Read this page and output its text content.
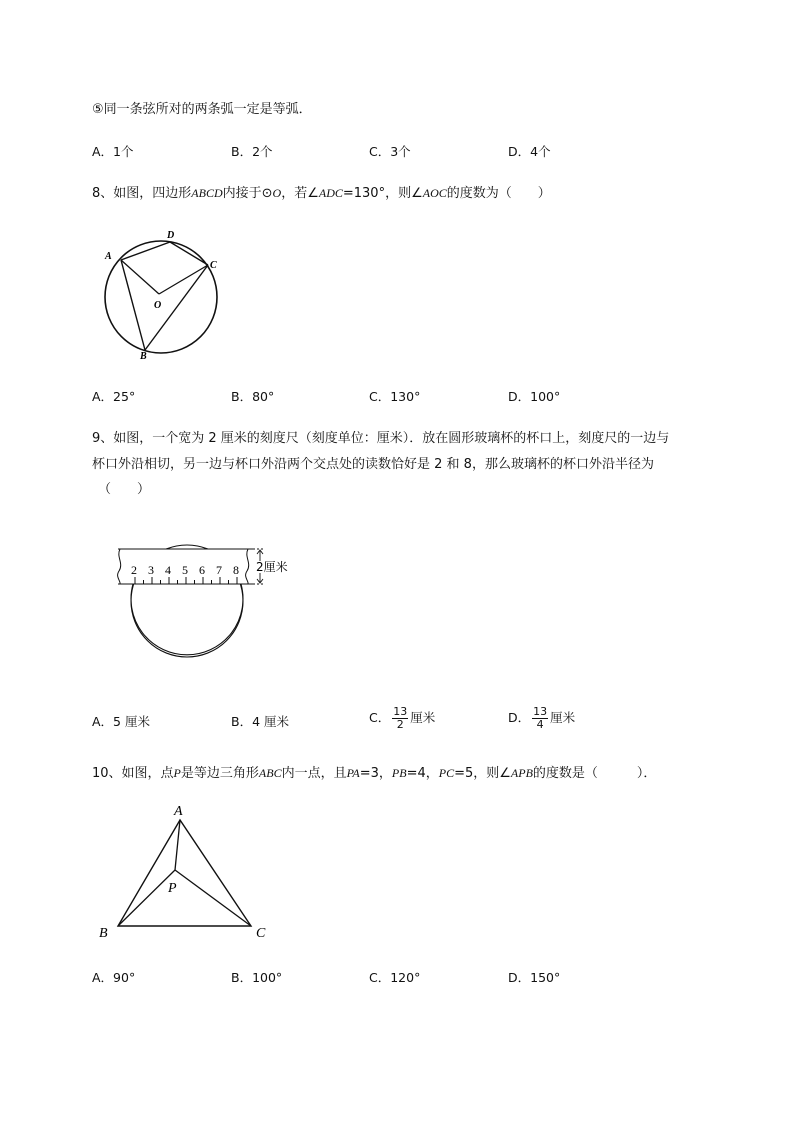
⑤同一条弦所对的两条弧一定是等弧．
A．1个	B．2个	C．3个	D．4个
8、如图，四边形ABCD内接于⊙O，若∠ADC=130°，则∠AOC的度数为（　　）
A
D
C
O
B
A．25°	B．80°	C．130°	D．100°
9、如图，一个宽为 2 厘米的刻度尺（刻度单位：厘米）．放在圆形玻璃杯的杯口上，刻度尺的一边与
杯口外沿相切，另一边与杯口外沿两个交点处的读数恰好是 2 和 8，那么玻璃杯的杯口外沿半径为
（　　）
2 3 4 5 6 7 8 2厘米
A．5 厘米	B．4 厘米	C． $\frac{13}{2}$ 厘米	D． $\frac{13}{4}$ 厘米
10、如图，点P是等边三角形ABC内一点，且PA=3，PB=4，PC=5，则∠APB的度数是（　　　）．
A
P
B	C
A．90°	B．100°	C．120°	D．150°
